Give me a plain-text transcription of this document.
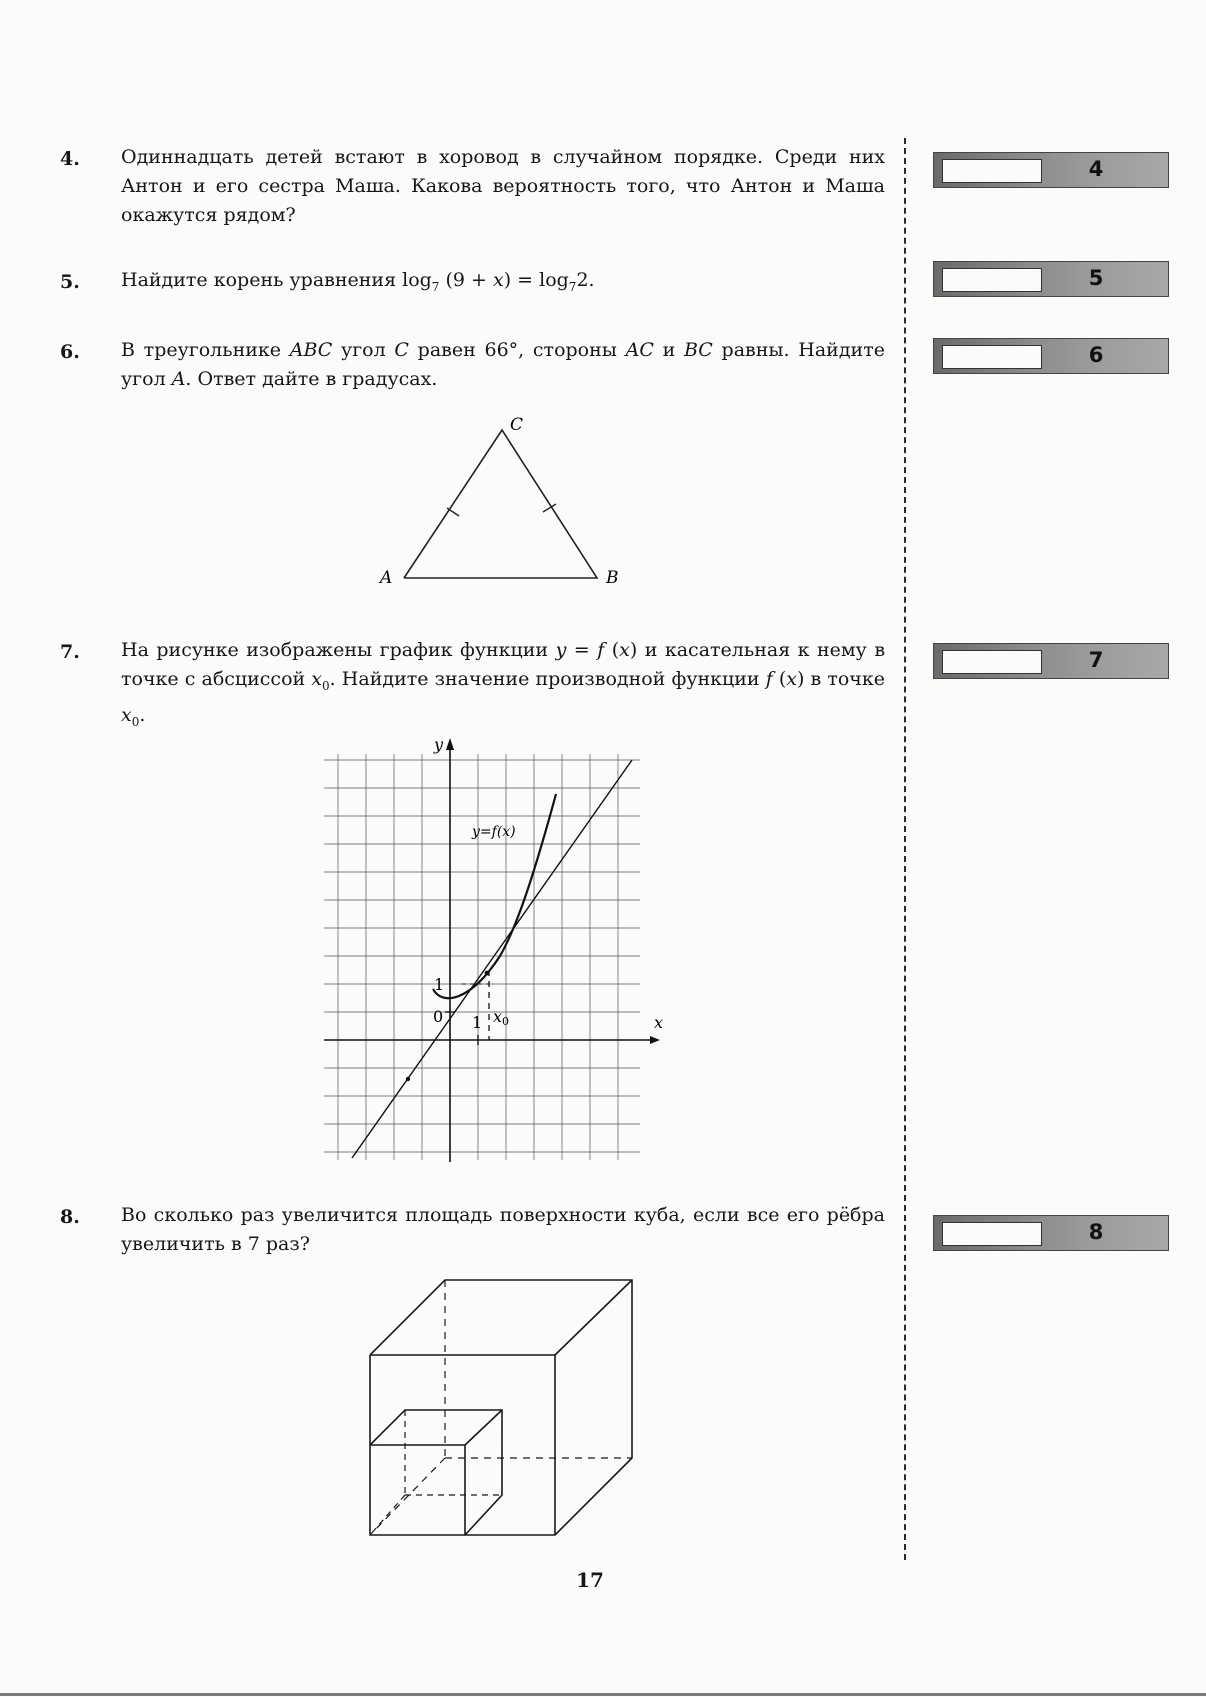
4. Одиннадцать детей встают в хоровод в случайном порядке. Среди них Антон и его сестра Маша. Какова вероятность того, что Антон и Маша окажутся рядом?
5. Найдите корень уравнения $\log_7 (9 + x) = \log_72$.
6. В треугольнике ABC угол C равен 66°, стороны AC и BC равны. Найдите угол A. Ответ дайте в градусах.
A	B
C
7. На рисунке изображены график функции y = f (x) и касательная к нему в точке с абсциссой $x_0$. Найдите значение производной функции f (x) в точке $x_0$.
y
x
0
1
1 x0
y=f(x)
8. Во сколько раз увеличится площадь поверхности куба, если все его рёбра увеличить в 7 раз?
4
5
6
7
8
17
